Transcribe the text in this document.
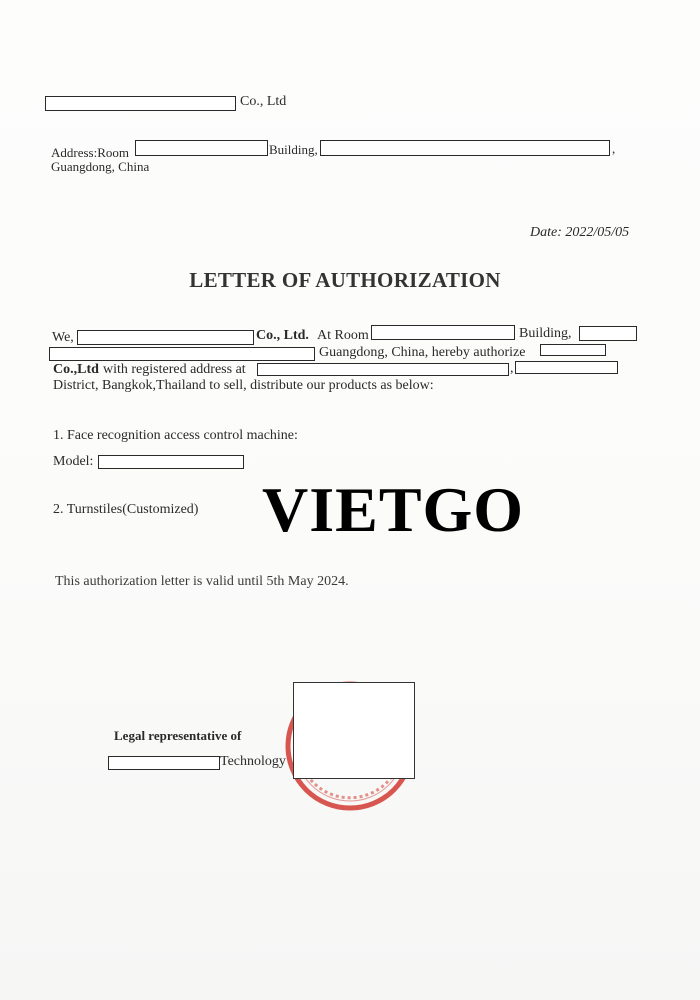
Co., Ltd
Address:Room	Building,	,
Guangdong, China
Date: 2022/05/05
LETTER OF AUTHORIZATION
We,	Co., Ltd. At Room	Building,
Guangdong, China, hereby authorize
Co.,Ltd with registered address at	,
District, Bangkok,Thailand to sell, distribute our products as below:
1. Face recognition access control machine:
Model:
2. Turnstiles(Customized) VIETGO
This authorization letter is valid until 5th May 2024.
Legal representative of
Technology
